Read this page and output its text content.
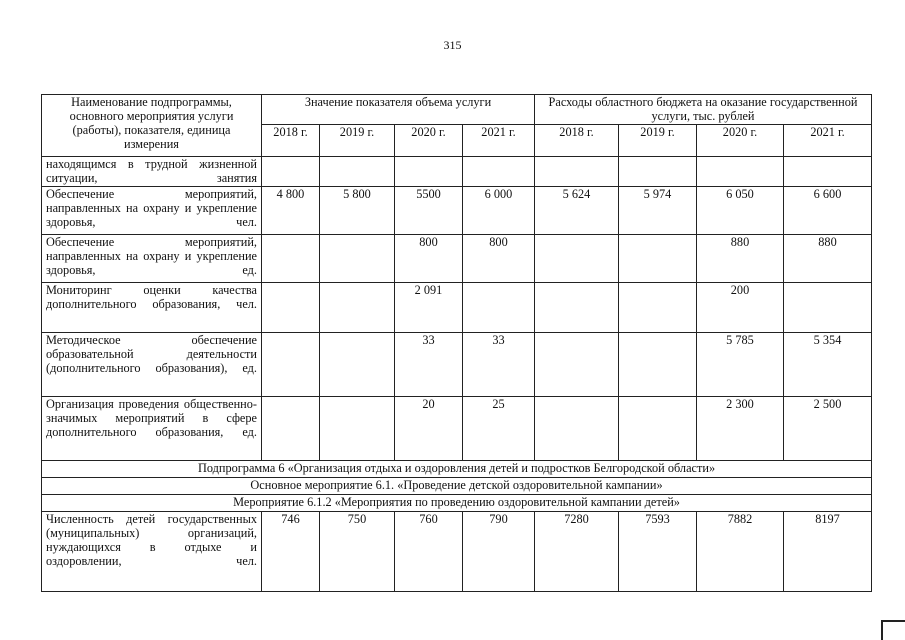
315
Наименование подпрограммы, основного мероприятия услуги (работы), показателя, единица измерения	Значение показателя объема услуги				Расходы областного бюджета на оказание государственной услуги, тыс. рублей			
	2018 г.	2019 г.	2020 г.	2021 г.	2018 г.	2019 г.	2020 г.	2021 г.
находящимся в трудной жизненной ситуации, занятия								
Обеспечение мероприятий, направленных на охрану и укрепление здоровья, чел.	4 800	5 800	5500	6 000	5 624	5 974	6 050	6 600
Обеспечение мероприятий, направленных на охрану и укрепление здоровья, ед.			800	800			880	880
Мониторинг оценки качества дополнительного образования, чел.			2 091				200	
Методическое обеспечение образовательной деятельности (дополнительного образования), ед.			33	33			5 785	5 354
Организация проведения общественно-значимых мероприятий в сфере дополнительного образования, ед.			20	25			2 300	2 500
Подпрограмма 6 «Организация отдыха и оздоровления детей и подростков Белгородской области»								
Основное мероприятие 6.1. «Проведение детской оздоровительной кампании»								
Мероприятие 6.1.2 «Мероприятия по проведению оздоровительной кампании детей»								
Численность детей государственных (муниципальных) организаций, нуждающихся в отдыхе и оздоровлении, чел.	746	750	760	790	7280	7593	7882	8197
